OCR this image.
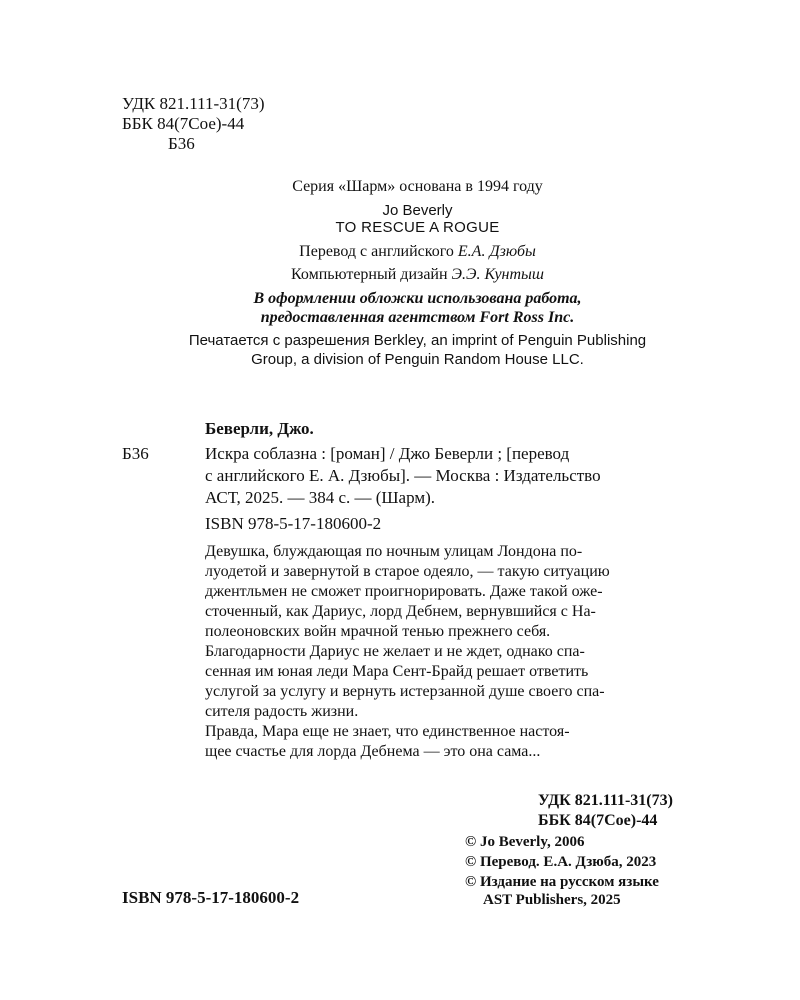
УДК 821.111-31(73)
ББК 84(7Сое)-44
Б36
Серия «Шарм» основана в 1994 году
Jo Beverly
TO RESCUE A ROGUE
Перевод с английского Е.А. Дзюбы
Компьютерный дизайн Э.Э. Кунтыш
В оформлении обложки использована работа,
предоставленная агентством Fort Ross Inc.
Печатается с разрешения Berkley, an imprint of Penguin Publishing
Group, a division of Penguin Random House LLC.
Беверли, Джо.
Б36	Искра соблазна : [роман] / Джо Беверли ; [перевод
с английского Е. А. Дзюбы]. — Москва : Издательство
АСТ, 2025. — 384 с. — (Шарм).
ISBN 978-5-17-180600-2
Девушка, блуждающая по ночным улицам Лондона по-
луодетой и завернутой в старое одеяло, — такую ситуацию
джентльмен не сможет проигнорировать. Даже такой оже-
сточенный, как Дариус, лорд Дебнем, вернувшийся с На-
полеоновских войн мрачной тенью прежнего себя.
Благодарности Дариус не желает и не ждет, однако спа-
сенная им юная леди Мара Сент-Брайд решает ответить
услугой за услугу и вернуть истерзанной душе своего спа-
сителя радость жизни.
Правда, Мара еще не знает, что единственное настоя-
щее счастье для лорда Дебнема — это она сама...
УДК 821.111-31(73)
ББК 84(7Сое)-44
© Jo Beverly, 2006
© Перевод. Е.А. Дзюба, 2023
© Издание на русском языке
AST Publishers, 2025
ISBN 978-5-17-180600-2
